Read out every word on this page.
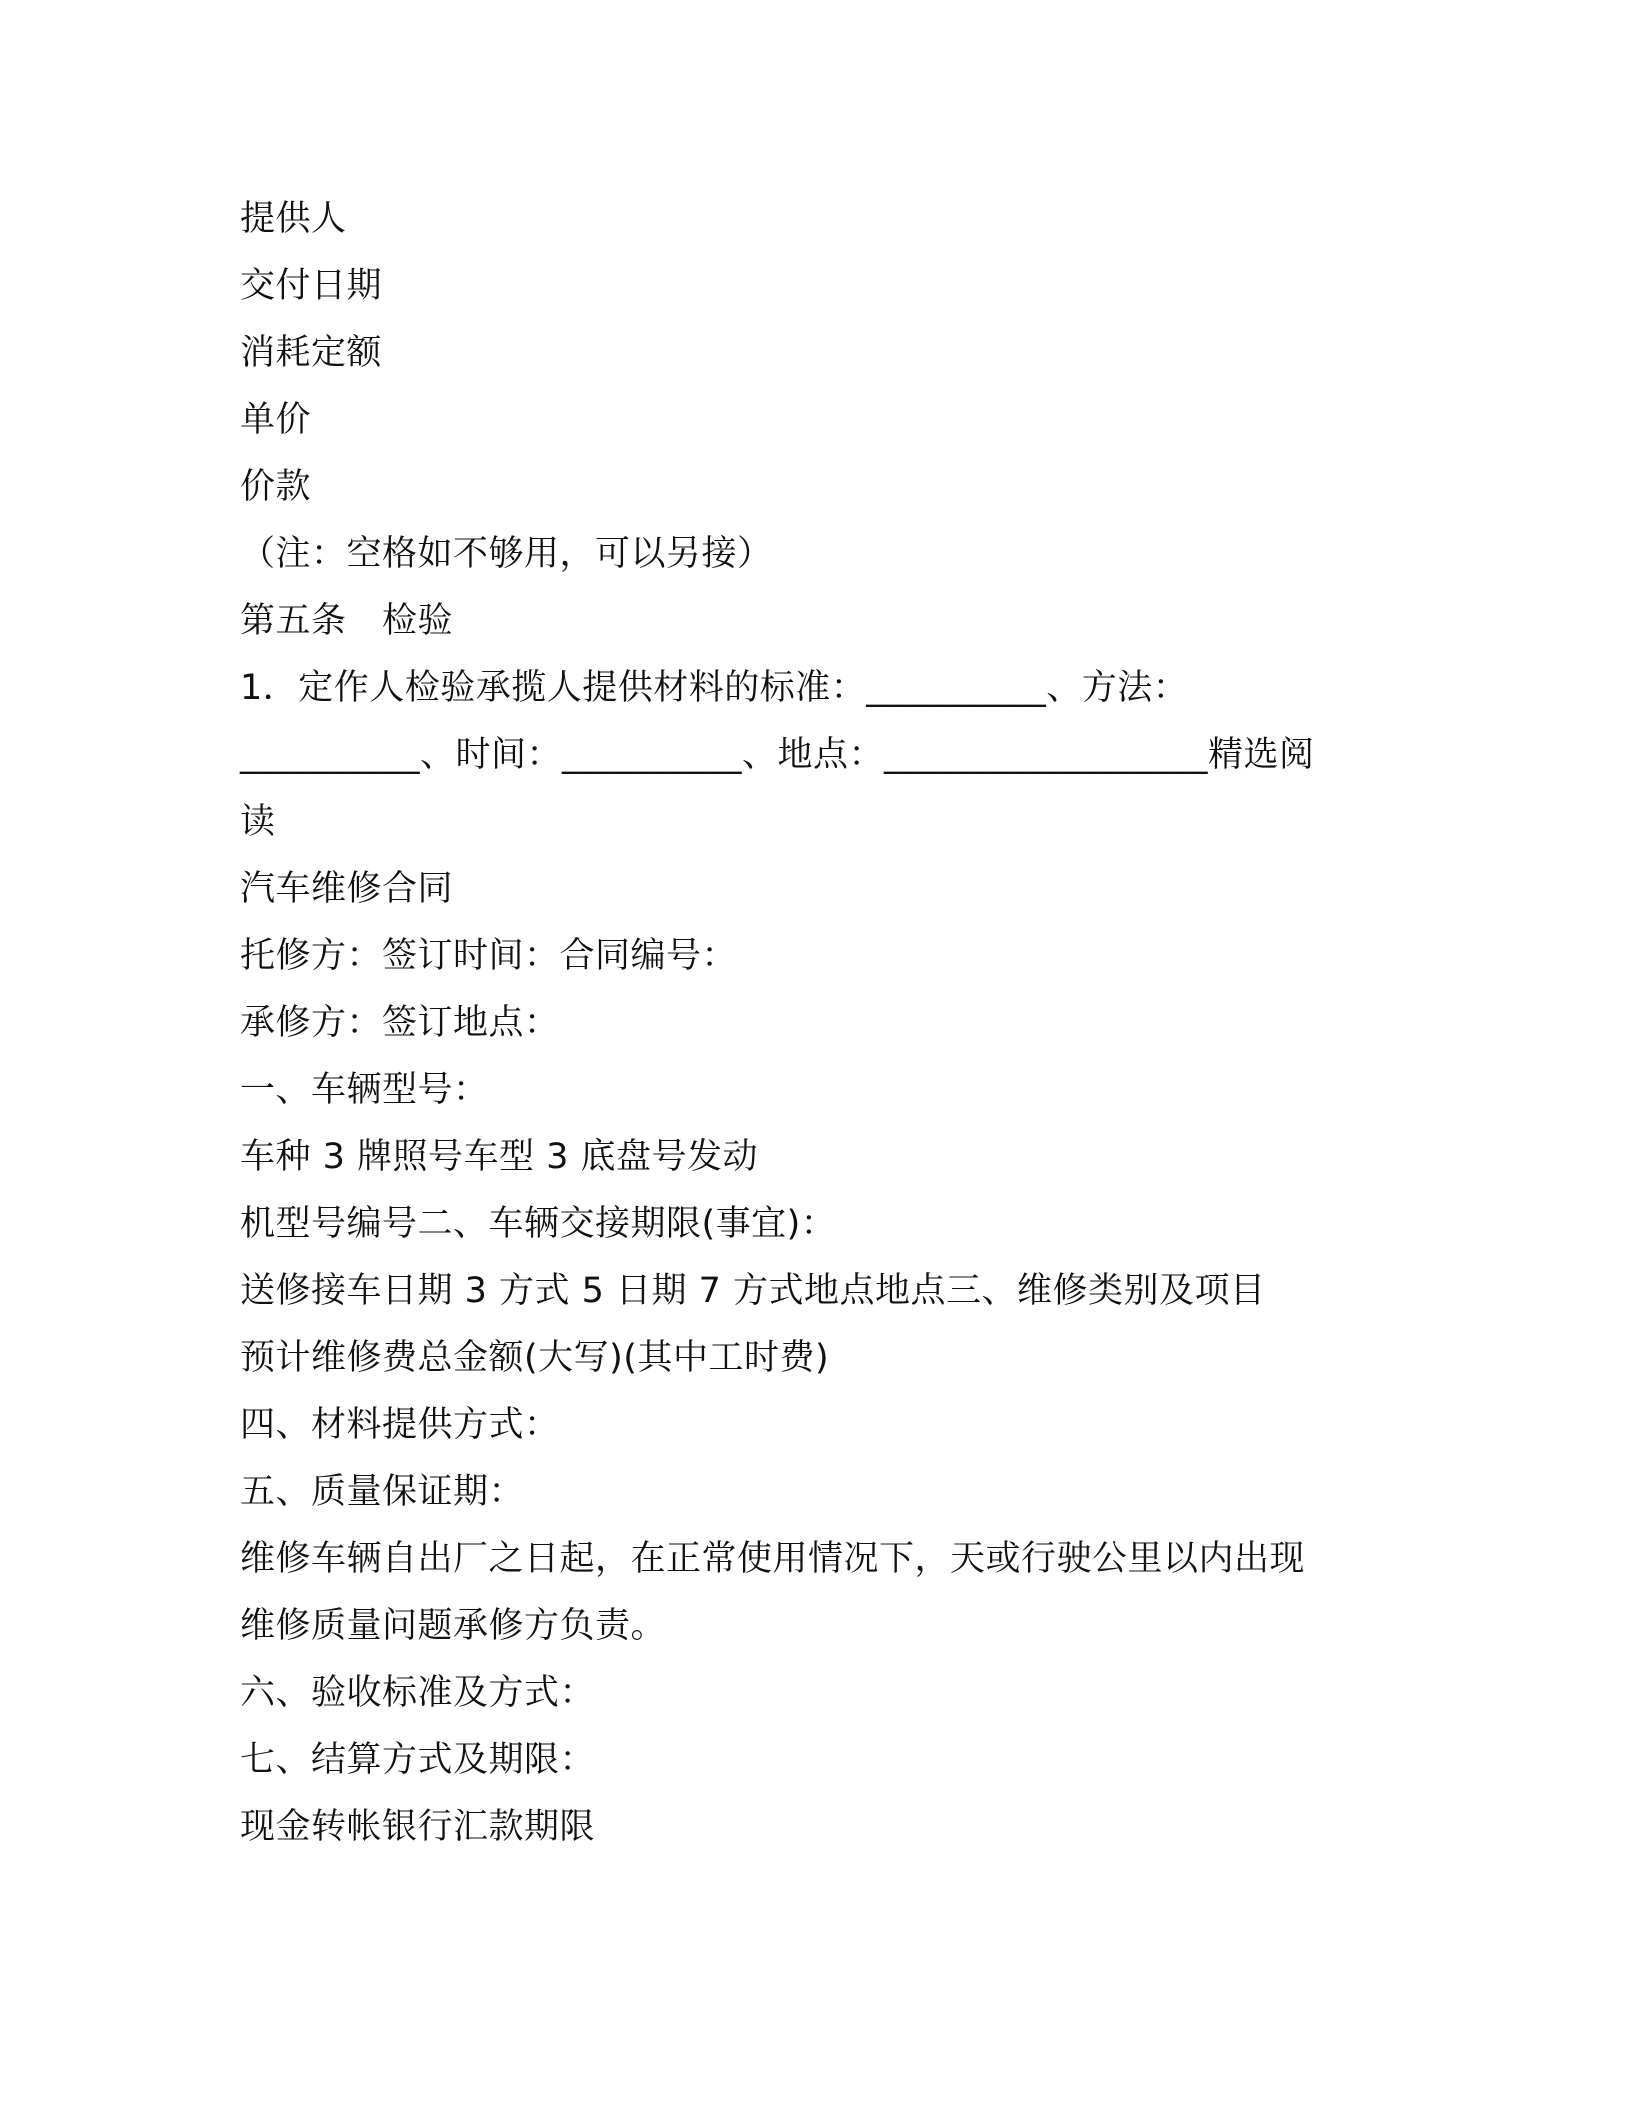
提供人
交付日期
消耗定额
单价
价款
（注：空格如不够用，可以另接）
第五条　检验
1．定作人检验承揽人提供材料的标准：__________、方法：
__________、时间：__________、地点：__________________精选阅
读
汽车维修合同
托修方：签订时间：合同编号：
承修方：签订地点：
一、车辆型号：
车种 3 牌照号车型 3 底盘号发动
机型号编号二、车辆交接期限(事宜)：
送修接车日期 3 方式 5 日期 7 方式地点地点三、维修类别及项目
预计维修费总金额(大写)(其中工时费)
四、材料提供方式：
五、质量保证期：
维修车辆自出厂之日起，在正常使用情况下，天或行驶公里以内出现
维修质量问题承修方负责。
六、验收标准及方式：
七、结算方式及期限：
现金转帐银行汇款期限
